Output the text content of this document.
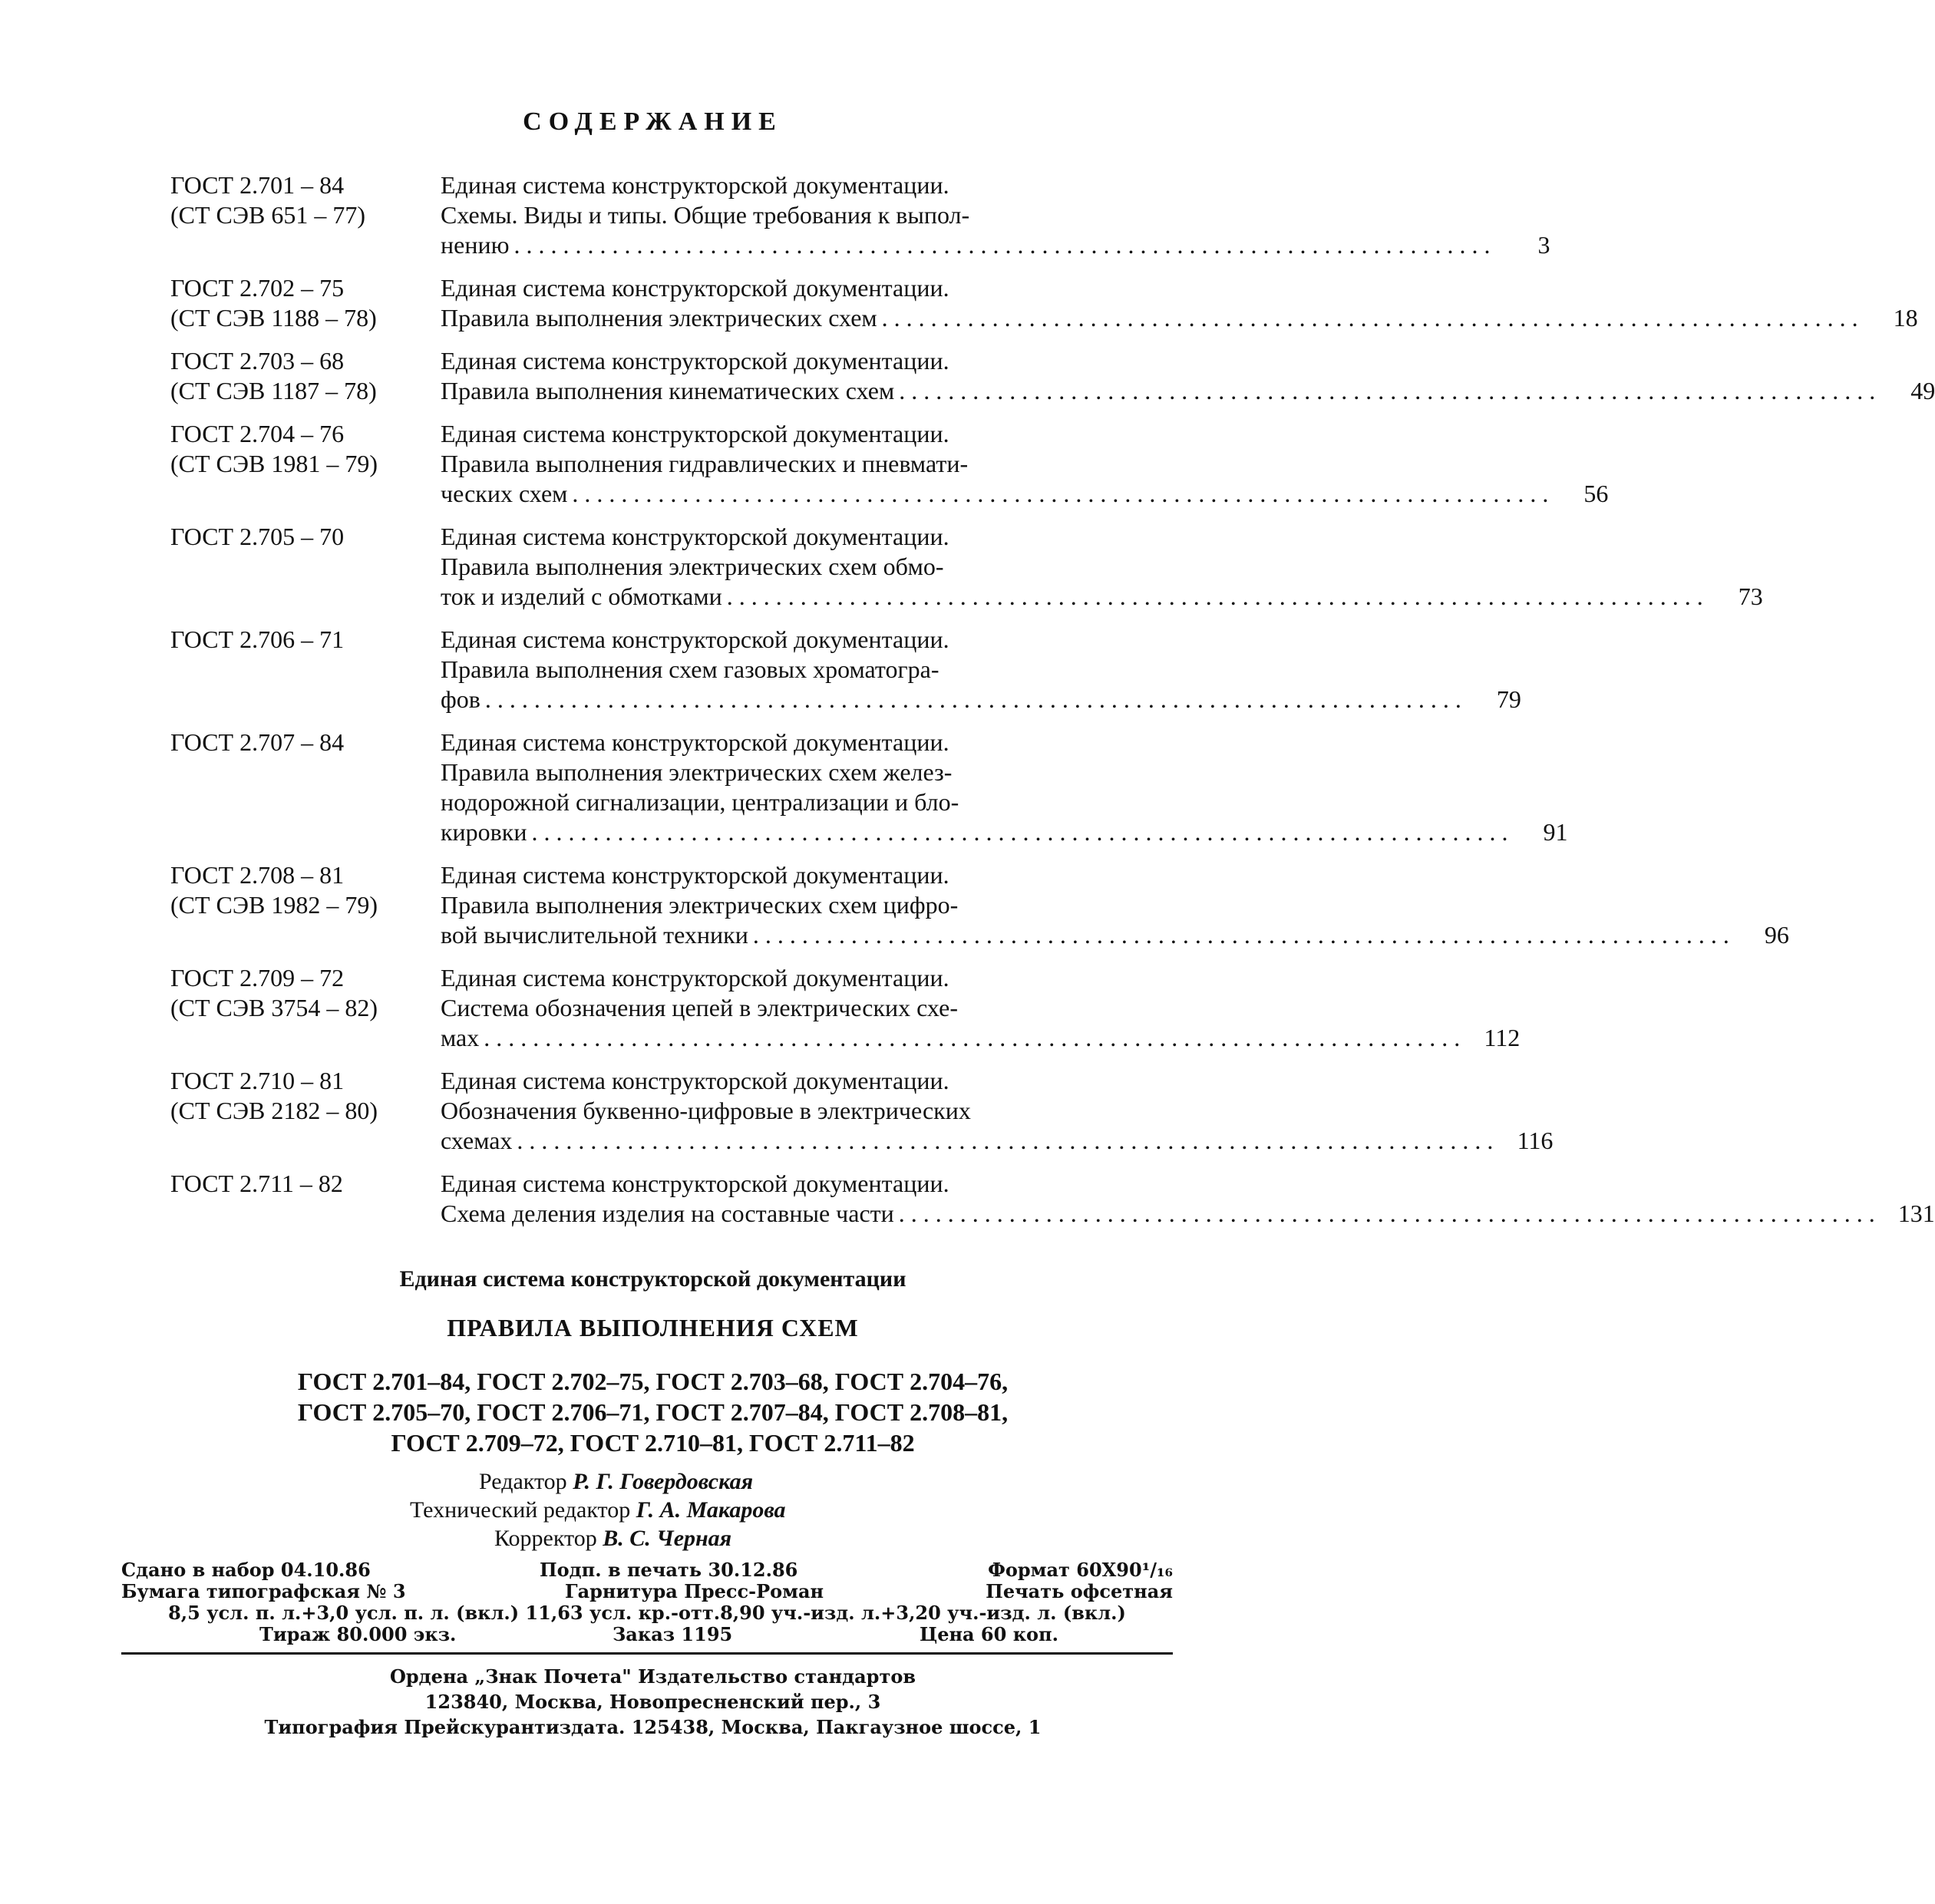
СОДЕРЖАНИЕ
ГОСТ 2.701 – 84
(СТ СЭВ 651 – 77)
Единая система конструкторской документации.
Схемы. Виды и типы. Общие требования к выпол-
нению ................................................................................	3
ГОСТ 2.702 – 75
(СТ СЭВ 1188 – 78)
Единая система конструкторской документации.
Правила выполнения электрических схем ................................................................................	18
ГОСТ 2.703 – 68
(СТ СЭВ 1187 – 78)
Единая система конструкторской документации.
Правила выполнения кинематических схем ................................................................................	49
ГОСТ 2.704 – 76
(СТ СЭВ 1981 – 79)
Единая система конструкторской документации.
Правила выполнения гидравлических и пневмати-
ческих схем ................................................................................	56
ГОСТ 2.705 – 70	Единая система конструкторской документации.
Правила выполнения электрических схем обмо-
ток и изделий с обмотками ................................................................................	73
ГОСТ 2.706 – 71	Единая система конструкторской документации.
Правила выполнения схем газовых хроматогра-
фов ................................................................................	79
ГОСТ 2.707 – 84	Единая система конструкторской документации.
Правила выполнения электрических схем желез-
нодорожной сигнализации, централизации и бло-
кировки ................................................................................	91
ГОСТ 2.708 – 81
(СТ СЭВ 1982 – 79)
Единая система конструкторской документации.
Правила выполнения электрических схем цифро-
вой вычислительной техники ................................................................................	96
ГОСТ 2.709 – 72
(СТ СЭВ 3754 – 82)
Единая система конструкторской документации.
Система обозначения цепей в электрических схе-
мах ................................................................................ 112
ГОСТ 2.710 – 81
(СТ СЭВ 2182 – 80)
Единая система конструкторской документации.
Обозначения буквенно-цифровые в электрических
схемах ................................................................................ 116
ГОСТ 2.711 – 82	Единая система конструкторской документации.
Схема деления изделия на составные части ................................................................................ 131
Единая система конструкторской документации
ПРАВИЛА ВЫПОЛНЕНИЯ СХЕМ
ГОСТ 2.701–84, ГОСТ 2.702–75, ГОСТ 2.703–68, ГОСТ 2.704–76,
ГОСТ 2.705–70, ГОСТ 2.706–71, ГОСТ 2.707–84, ГОСТ 2.708–81,
ГОСТ 2.709–72, ГОСТ 2.710–81, ГОСТ 2.711–82
Редактор Р. Г. Говердовская
Технический редактор Г. А. Макарова
Корректор В. С. Черная
Сдано в набор 04.10.86	Подп. в печать 30.12.86	Формат 60X90¹/₁₆
Бумага типографская № 3	Гарнитура Пресс-Роман	Печать офсетная
8,5 усл. п. л.+3,0 усл. п. л. (вкл.) 11,63 усл. кр.-отт.8,90 уч.-изд. л.+3,20 уч.-изд. л. (вкл.)
Тираж 80.000 экз.	Заказ 1195	Цена 60 коп.
Ордена „Знак Почета" Издательство стандартов
123840, Москва, Новопресненский пер., 3
Типография Прейскурантиздата. 125438, Москва, Пакгаузное шоссе, 1
